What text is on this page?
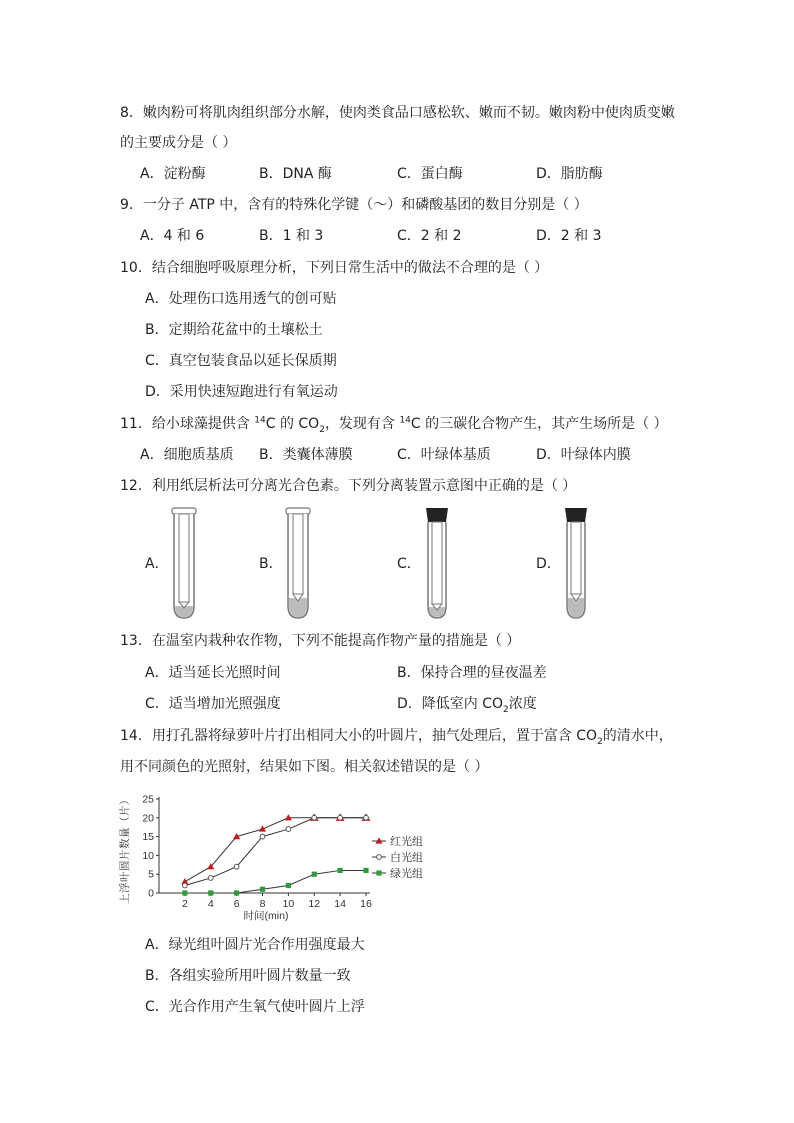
8．嫩肉粉可将肌肉组织部分水解，使肉类食品口感松软、嫩而不韧。嫩肉粉中使肉质变嫩
的主要成分是（ ）
A．淀粉酶	B．DNA 酶	C．蛋白酶	D．脂肪酶
9．一分子 ATP 中，含有的特殊化学键（～）和磷酸基团的数目分别是（ ）
A．4 和 6	B．1 和 3	C．2 和 2	D．2 和 3
10．结合细胞呼吸原理分析，下列日常生活中的做法不合理的是（ ）
A．处理伤口选用透气的创可贴
B．定期给花盆中的土壤松土
C．真空包装食品以延长保质期
D．采用快速短跑进行有氧运动
11．给小球藻提供含 $^{14}$C 的 $CO_2$，发现有含 $^{14}$C 的三碳化合物产生，其产生场所是（ ）
A．细胞质基质 B．类囊体薄膜	C．叶绿体基质	D．叶绿体内膜
12．利用纸层析法可分离光合色素。下列分离装置示意图中正确的是（ ）
A．	B．	C．	D．
13．在温室内栽种农作物，下列不能提高作物产量的措施是（ ）
A．适当延长光照时间	B．保持合理的昼夜温差
C．适当增加光照强度	D．降低室内 $CO_2$浓度
14．用打孔器将绿萝叶片打出相同大小的叶圆片，抽气处理后，置于富含 $CO_2$的清水中，
用不同颜色的光照射，结果如下图。相关叙述错误的是（ ）
0
5
10
15
20
25
2 4 6 8 10 12 14 16
红光组
白光组
绿光组
时间(min)
上浮叶圆片数量（片）
A．绿光组叶圆片光合作用强度最大
B．各组实验所用叶圆片数量一致
C．光合作用产生氧气使叶圆片上浮
